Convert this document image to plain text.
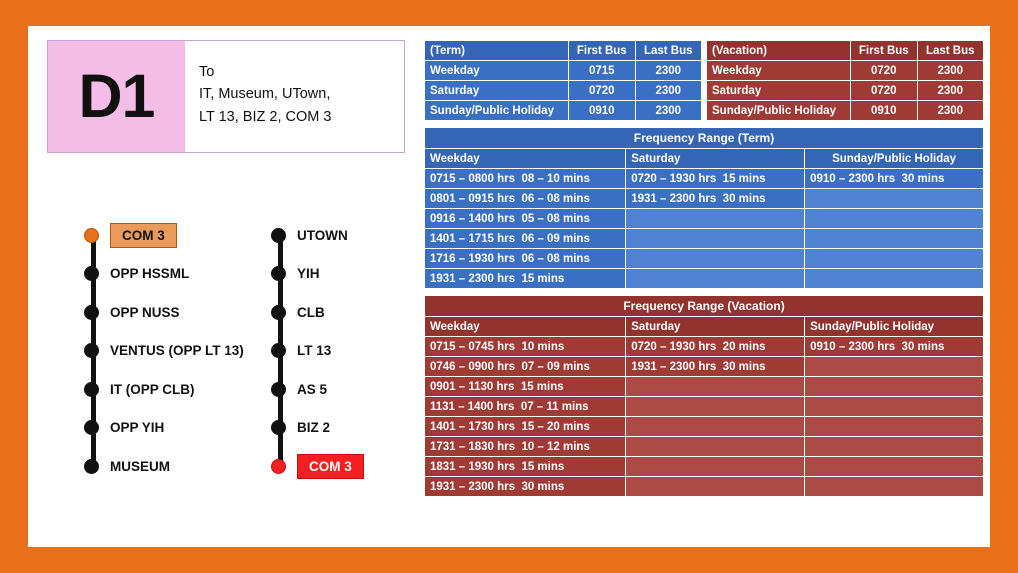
D1	To
IT, Museum, UTown,
LT 13, BIZ 2, COM 3
COM 3
OPP HSSML
OPP NUSS
VENTUS (OPP LT 13)
IT (OPP CLB)
OPP YIH
MUSEUM
UTOWN
YIH
CLB
LT 13
AS 5
BIZ 2
COM 3
(Term)	First Bus	Last Bus
Weekday	0715	2300
Saturday	0720	2300
Sunday/Public Holiday	0910	2300
(Vacation)	First Bus	Last Bus
Weekday	0720	2300
Saturday	0720	2300
Sunday/Public Holiday	0910	2300
Frequency Range (Term)		
Weekday	Saturday	Sunday/Public Holiday
0715 – 0800 hrs 08 – 10 mins	0720 – 1930 hrs 15 mins	0910 – 2300 hrs 30 mins
0801 – 0915 hrs 06 – 08 mins	1931 – 2300 hrs 30 mins	
0916 – 1400 hrs 05 – 08 mins		
1401 – 1715 hrs 06 – 09 mins		
1716 – 1930 hrs 06 – 08 mins		
1931 – 2300 hrs 15 mins		
Frequency Range (Vacation)		
Weekday	Saturday	Sunday/Public Holiday
0715 – 0745 hrs 10 mins	0720 – 1930 hrs 20 mins	0910 – 2300 hrs 30 mins
0746 – 0900 hrs 07 – 09 mins	1931 – 2300 hrs 30 mins	
0901 – 1130 hrs 15 mins		
1131 – 1400 hrs 07 – 11 mins		
1401 – 1730 hrs 15 – 20 mins		
1731 – 1830 hrs 10 – 12 mins		
1831 – 1930 hrs 15 mins		
1931 – 2300 hrs 30 mins		
